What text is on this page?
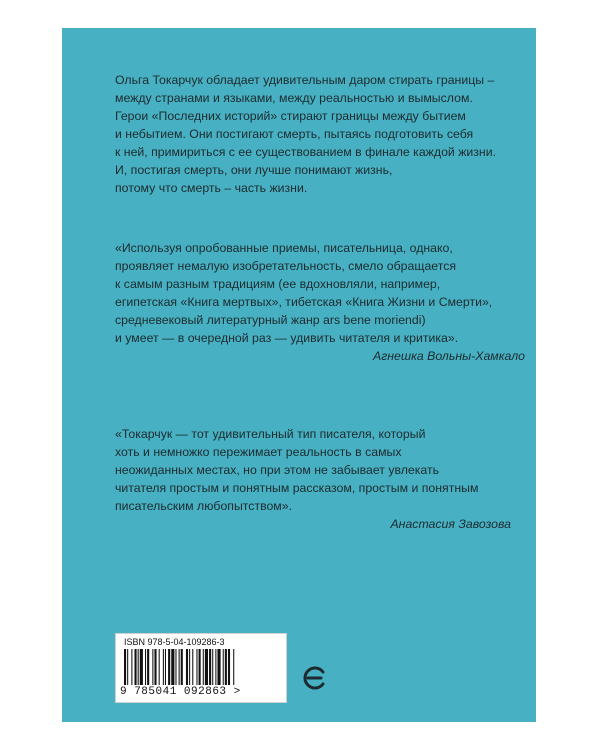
Ольга Токарчук обладает удивительным даром стирать границы –
между странами и языками, между реальностью и вымыслом.
Герои «Последних историй» стирают границы между бытием
и небытием. Они постигают смерть, пытаясь подготовить себя
к ней, примириться с ее существованием в финале каждой жизни.
И, постигая смерть, они лучше понимают жизнь,
потому что смерть – часть жизни.
«Используя опробованные приемы, писательница, однако,
проявляет немалую изобретательность, смело обращается
к самым разным традициям (ее вдохновляли, например,
египетская «Книга мертвых», тибетская «Книга Жизни и Смерти»,
средневековый литературный жанр ars bene moriendi)
и умеет — в очередной раз — удивить читателя и критика».
Агнешка Вольны-Хамкало
«Токарчук — тот удивительный тип писателя, который
хоть и немножко пережимает реальность в самых
неожиданных местах, но при этом не забывает увлекать
читателя простым и понятным рассказом, простым и понятным
писательским любопытством».
Анастасия Завозова
ISBN 978-5-04-109286-3
9 785041 092863 >
